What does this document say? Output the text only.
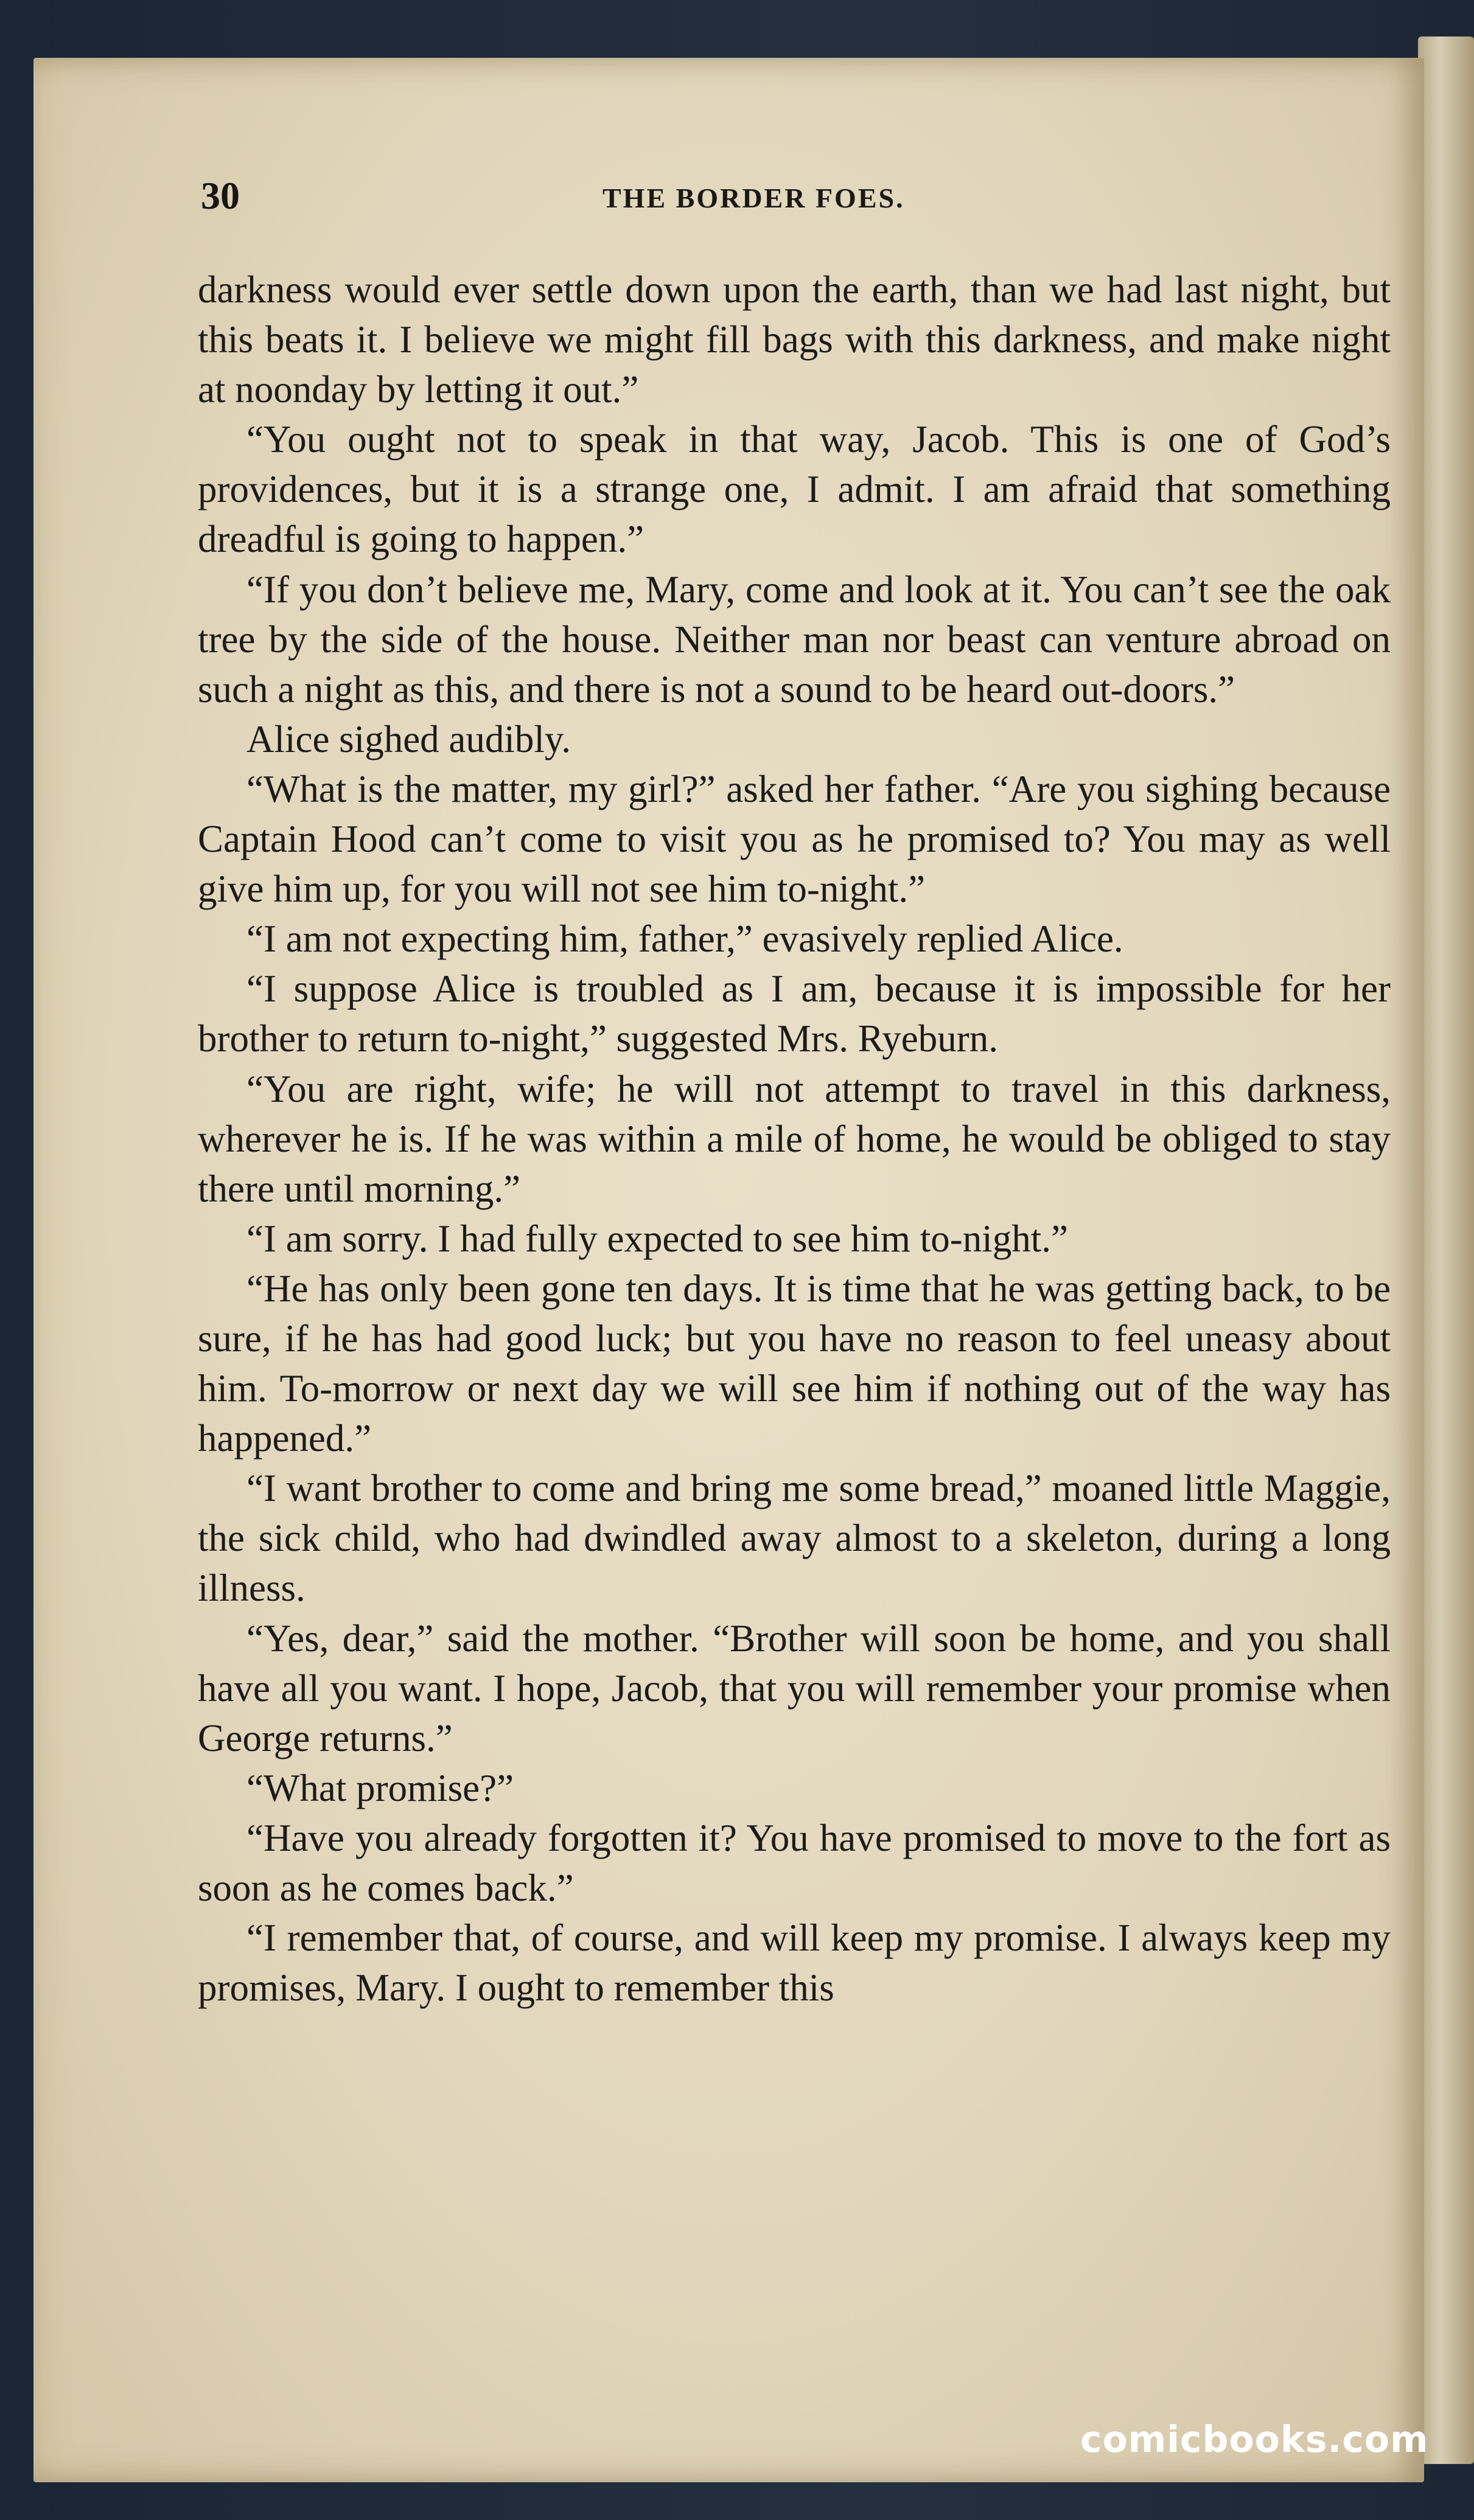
30	THE BORDER FOES.

darkness would ever settle down upon the earth, than we had last night, but this beats it. I believe we might fill bags with this darkness, and make night at noonday by letting it out.”

“You ought not to speak in that way, Jacob. This is one of God’s providences, but it is a strange one, I admit. I am afraid that something dreadful is going to happen.”

“If you don’t believe me, Mary, come and look at it. You can’t see the oak tree by the side of the house. Neither man nor beast can venture abroad on such a night as this, and there is not a sound to be heard out-doors.”

Alice sighed audibly.

“What is the matter, my girl?” asked her father. “Are you sighing because Captain Hood can’t come to visit you as he promised to? You may as well give him up, for you will not see him to-night.”

“I am not expecting him, father,” evasively replied Alice.

“I suppose Alice is troubled as I am, because it is impossible for her brother to return to-night,” suggested Mrs. Ryeburn.

“You are right, wife; he will not attempt to travel in this darkness, wherever he is. If he was within a mile of home, he would be obliged to stay there until morning.”

“I am sorry. I had fully expected to see him to-night.”

“He has only been gone ten days. It is time that he was getting back, to be sure, if he has had good luck; but you have no reason to feel uneasy about him. To-morrow or next day we will see him if nothing out of the way has happened.”

“I want brother to come and bring me some bread,” moaned little Maggie, the sick child, who had dwindled away almost to a skeleton, during a long illness.

“Yes, dear,” said the mother. “Brother will soon be home, and you shall have all you want. I hope, Jacob, that you will remember your promise when George returns.”

“What promise?”

“Have you already forgotten it? You have promised to move to the fort as soon as he comes back.”

“I remember that, of course, and will keep my promise. I always keep my promises, Mary. I ought to remember this

comicbooks.com
